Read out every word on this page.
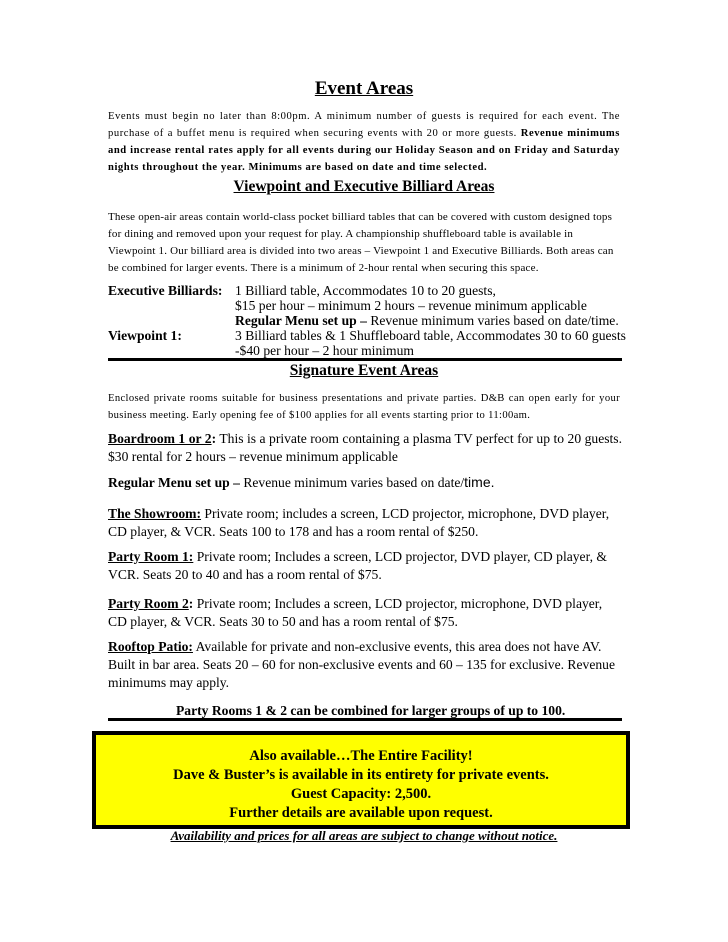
Event Areas
Events must begin no later than 8:00pm. A minimum number of guests is required for each event. The purchase of a buffet menu is required when securing events with 20 or more guests. Revenue minimums and increase rental rates apply for all events during our Holiday Season and on Friday and Saturday nights throughout the year. Minimums are based on date and time selected.
Viewpoint and Executive Billiard Areas
These open-air areas contain world-class pocket billiard tables that can be covered with custom designed tops for dining and removed upon your request for play. A championship shuffleboard table is available in Viewpoint 1. Our billiard area is divided into two areas – Viewpoint 1 and Executive Billiards. Both areas can be combined for larger events. There is a minimum of 2-hour rental when securing this space.
Executive Billiards: 1 Billiard table, Accommodates 10 to 20 guests,
$15 per hour – minimum 2 hours – revenue minimum applicable
Regular Menu set up – Revenue minimum varies based on date/time.
Viewpoint 1:	3 Billiard tables & 1 Shuffleboard table, Accommodates 30 to 60 guests
-$40 per hour – 2 hour minimum
Signature Event Areas
Enclosed private rooms suitable for business presentations and private parties. D&B can open early for your business meeting. Early opening fee of $100 applies for all events starting prior to 11:00am.
Boardroom 1 or 2: This is a private room containing a plasma TV perfect for up to 20 guests. $30 rental for 2 hours – revenue minimum applicable
Regular Menu set up – Revenue minimum varies based on date/time.
The Showroom: Private room; includes a screen, LCD projector, microphone, DVD player, CD player, & VCR. Seats 100 to 178 and has a room rental of $250.
Party Room 1: Private room; Includes a screen, LCD projector, DVD player, CD player, & VCR. Seats 20 to 40 and has a room rental of $75.
Party Room 2: Private room; Includes a screen, LCD projector, microphone, DVD player, CD player, & VCR. Seats 30 to 50 and has a room rental of $75.
Rooftop Patio: Available for private and non-exclusive events, this area does not have AV. Built in bar area. Seats 20 – 60 for non-exclusive events and 60 – 135 for exclusive. Revenue minimums may apply.
Party Rooms 1 & 2 can be combined for larger groups of up to 100.
Also available…The Entire Facility!
Dave & Buster’s is available in its entirety for private events.
Guest Capacity: 2,500.
Further details are available upon request.
Availability and prices for all areas are subject to change without notice.
